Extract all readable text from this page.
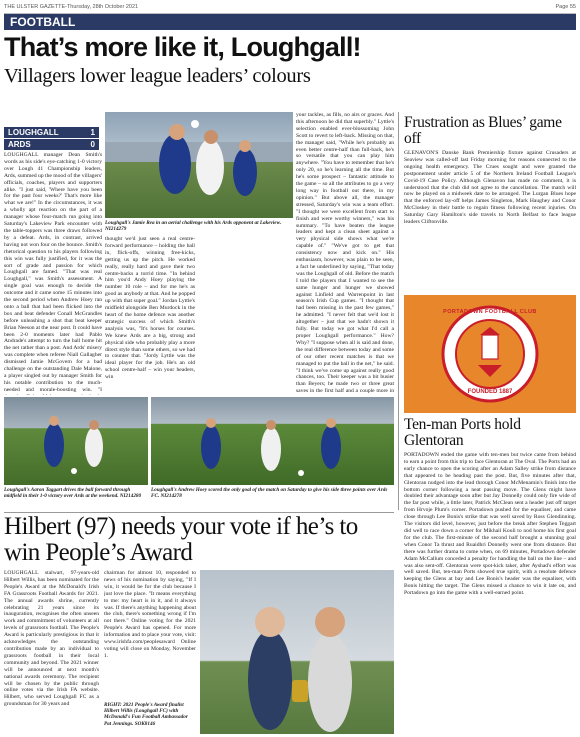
THE ULSTER GAZETTE-Thursday, 28th October 2021	Page 55
FOOTBALL
That’s more like it, Loughgall!
Villagers lower league leaders’ colours
LOUGHGALL	1
ARDS	0
LOUGHGALL manager Dean Smith's words as his side's eye-catching 1-0 victory over Lough 41 Championship leaders, Ards, summed up the mood of the villagers' officials, coaches, players and supporters alike. "I just said, 'Where have you been for the past four weeks?' That's more like what we are!" In the circumstances, it was a wholly apt reaction on the part of a manager whose four-match run going into Saturday's Lakeview Park encounter with the table-toppers was three draws followed by a defeat. Ards, in contrast, arrived having not won four on the bounce. Smith's rhetorical question to his players following this win was fully justified, for it was the sort of grade and passion for which Loughgall are famed. "That was real Loughgall," was Smith's assessment. A single goal was enough to decide the outcome and it came some 15 minutes into the second period when Andrew Hoey ran onto a ball that had been flicked into the box and beat defender Conall McGrandles before unleashing a shot that beat keeper Brian Neeson at the near post. It could have been 2-0 moments later had Pablo Andrade's attempt to turn the ball home hit the net rather than a post. And Ards' misery was complete when referee Niall Gallagher dismissed Jamie McGovern for a bad challenge on the outstanding Dale Malone, a player singled out by manager Smith for his notable contribution to the much-needed and morale-boosting win. "I
Loughgall's Jamie Rea in an aerial challenge with his Ards opponent at Lakeview. NI214279
thought we'd just seen a real centre-forward performance – holding the ball in, flick-offs, winning free-kicks, getting us up the pitch. He worked really, really hard and gave their two centre-backs a torrid time. "In behind him you'd Andy Hoey playing the number 10 role – and for me he's as good as anybody at that. And he popped up with that super goal." Jordan Lyttle's midfield alongside Ben Murdock in the heart of the home defence was another strategic success of which Smith's analysis was, "It's horses for courses. We knew Ards are a big, strong and physical side who probably play a more direct style than some others, so we had to counter that. "Jordy Lyttle was the ideal player for the job. He's an old school centre-half – win your headers, win
your tackles, as fills, no airs or graces. And this afternoon he did that superbly." Lyttle's selection enabled ever-blossoming John Scott to revert to left-back. Missing on that, the manager said, "While he's probably an even better centre-half than full-back, he's so versatile that you can play him anywhere. "You have to remember that he's only 20, so he's learning all the time. But he's some prospect – fantastic attitude to the game – so all the attributes to go a very long way in football out there, in my opinion." But above all, the manager stressed, Saturday's win was a team effort. "I thought we were excellent from start to finish and were worthy winners," was his summary. "To have beaten the league leaders and kept a clean sheet against a very physical side shows what we're capable of." "We've got to get that consistency now and kick on." His enthusiasm, however, was plain to be seen, a fact he underlined by saying, "That today was the Loughgall of old. Before the match I told the players that I wanted to see the same hunger and hunger we showed against Linfield and Warrenpoint in last season's Irish Cup games. "I thought that had been missing in the past few games," he admitted. "I never felt that we'd lost it altogether – just that we hadn't shown it fully. But today we got what I'd call a proper Loughgall performance." How? Why? "I suppose when all is said and done, the real difference between today and some of our other recent matches is that we managed to put the ball in the net," he said. "I think we've come up against really good chances, too. Their keeper was a bit busier than Beyers; he made two or three great saves in the first half and a couple more in
Loughgall's Aaron Taggart drives the ball forward through midfield in their 1-0 victory over Ards at the weekend. NI214280
Loughgall's Andrew Hoey scored the only goal of the match on Saturday to give his side three points over Ards FC. NI214278
Frustration as Blues’ game off
GLENAVON'S Danske Bank Premiership fixture against Crusaders at Seaview was called-off last Friday morning for reasons connected to the ongoing health emergency. The Crues sought and were granted the postponement under article 5 of the Northern Ireland Football League's Covid-19 Case Policy. Although Glenavon has made no comment, it is understood that the club did not agree to the cancellation. The match will now be played on a midweek date to be arranged. The Lurgan Blues hope that the enforced lay-off helps James Singleton, Mark Haughey and Conor McCloskey in their battle to regain fitness following recent injuries. On Saturday Gary Hamilton's side travels to North Belfast to face league leaders Cliftonville.
PORTADOWN FOOTBALL CLUB
FOUNDED 1887
Ten-man Ports hold Glentoran
PORTADOWN ended the game with ten-men but twice came from behind to earn a point from this trip to face Glentoran at The Oval. The Ports had an early chance to open the scoring after an Adam Salley strike from distance that appeared to be heading past the post. But, five minutes after that, Glentoran nudged into the lead through Conor McMenamin's finish into the bottom corner following a neat passing move. The Glens might have doubled their advantage soon after but Jay Donnelly could only fire wide of the far post while, a little later, Patrick McClean sent a header just off target from Hrvoje Plum's corner. Portadown pushed for the equaliser, and came close through Lee Bonis's strike that was well saved by Ross Glendinning. The visitors did level, however, just before the break after Stephen Teggart did well to race down a corner for Mikhail Kouli to nod home his first goal for the club. The first-minute of the second half brought a stunning goal when Conor Ta thrust and Ruaidhri Donnelly went one from distance. But there was further drama to come when, on 69 minutes, Portadown defender Adam McCallum conceded a penalty for handling the ball on the line – and was also sent-off. Glentoran were spot-kick taker, after Ayshad's effort was well saved. But, ten-man Ports showed true spirit, with a resolute defence keeping the Glens at bay and Lee Bonis's header was the equaliser, with Bonis hitting the target. The Glens missed a chance to win it late on, and Portadown go into the game with a well-earned point.
Hilbert (97) needs your vote if he’s to win People’s Award
LOUGHGALL stalwart, 97-years-old Hilbert Willis, has been nominated for the People's Award at the McDonald's Irish FA Grassroots Football Awards for 2021. The annual awards shrine, currently celebrating 21 years since its inauguration, recognises the often unseen work and commitment of volunteers at all levels of grassroots football. The People's Award is particularly prestigious in that it acknowledges the outstanding contribution made by an individual to grassroots football in their local community and beyond. The 2021 winner will be announced at next month's national awards ceremony. The recipient will be chosen by the public through online votes via the Irish FA website. Hilbert, who served Loughgall FC as a groundsman for 30 years and
chairman for almost 10, responded to news of his nomination by saying, "If I win, it would be for the club because I just love the place. "It means everything to me: my heart is in it, and it always was. If there's anything happening about the club, there's something wrong if I'm not there." Online voting for the 2021 People's Award has opened. For more information and to place your vote, visit: www.irishfa.com/peoplesaward Online voting will close on Monday, November 1.
RIGHT: 2021 People's Award finalist Hilbert Willis (Loughgall FC) with McDonald's Fun Football Ambassador Pat Jennings. SOK8146
